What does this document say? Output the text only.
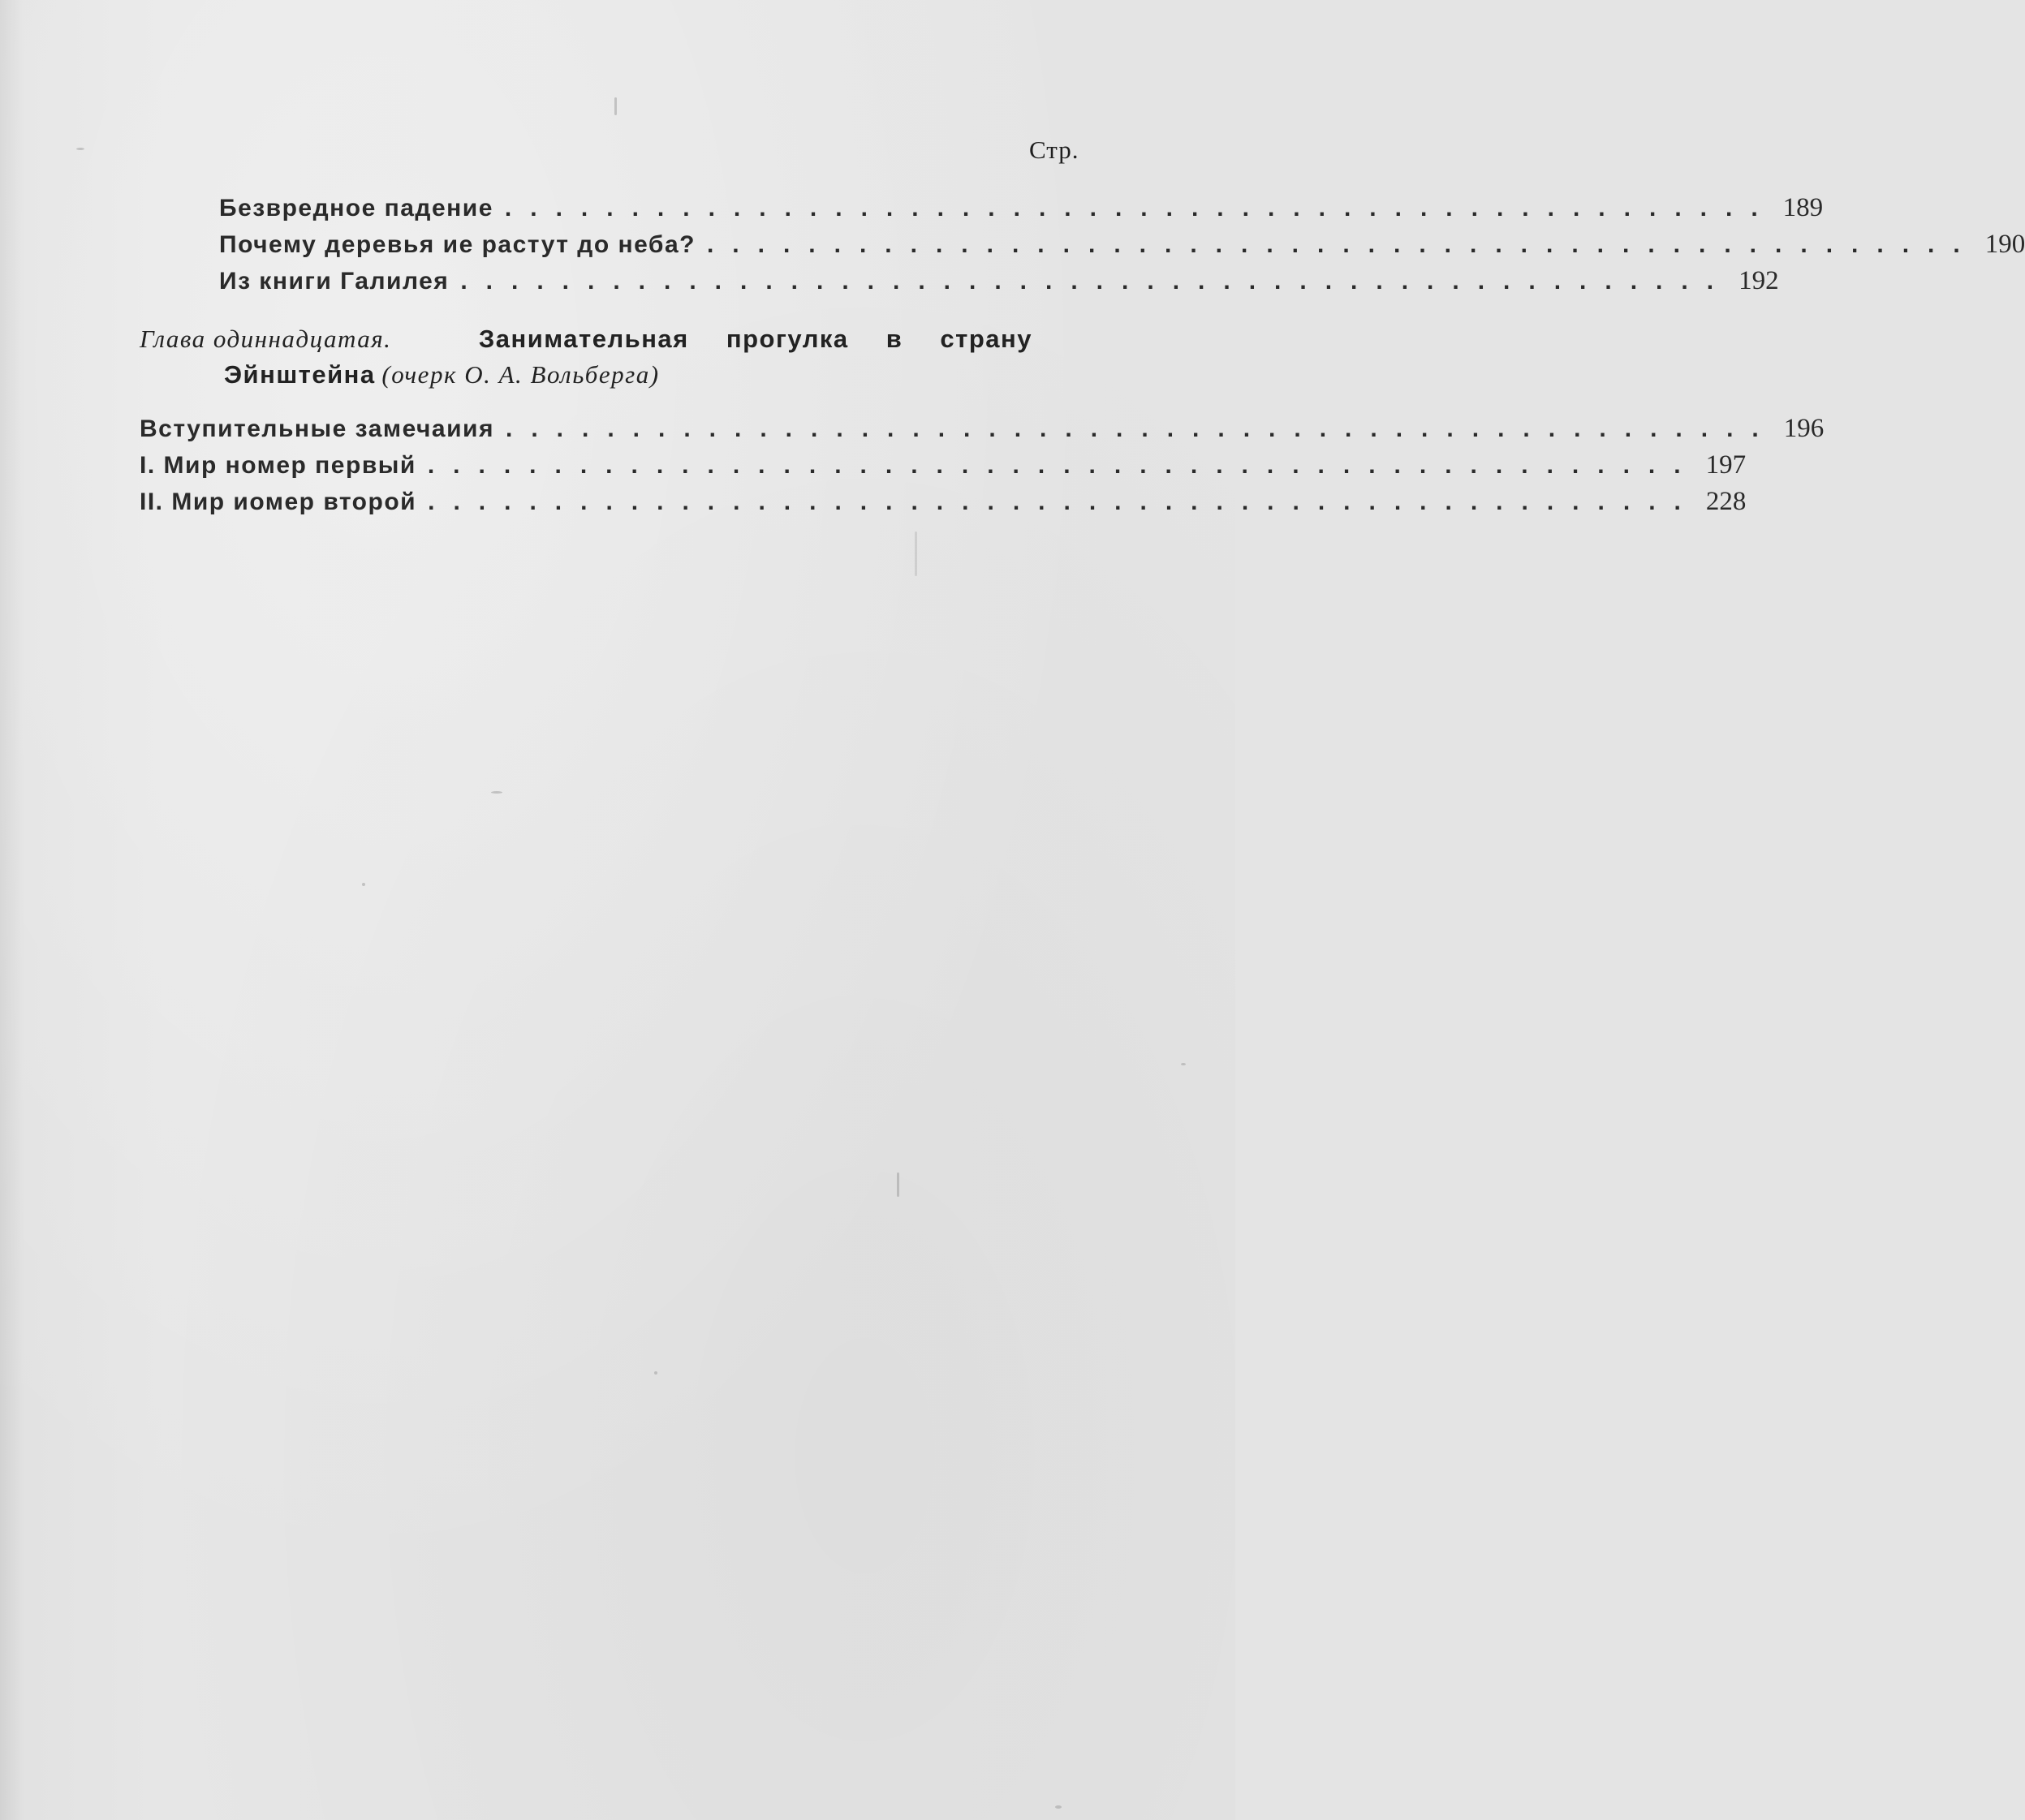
Стр.
Безвредное падение .................................................. 189
Почему деревья ие растут до неба? .................................................. 190
Из книги Галилея .................................................. 192
Глава одиннадцатая.	Занимательная прогулка в страну
Эйнштейна (очерк О. А. Вольберга)
Вступительные замечаиия .................................................. 196
I. Мир номер первый .................................................. 197
II. Мир иомер второй .................................................. 228
